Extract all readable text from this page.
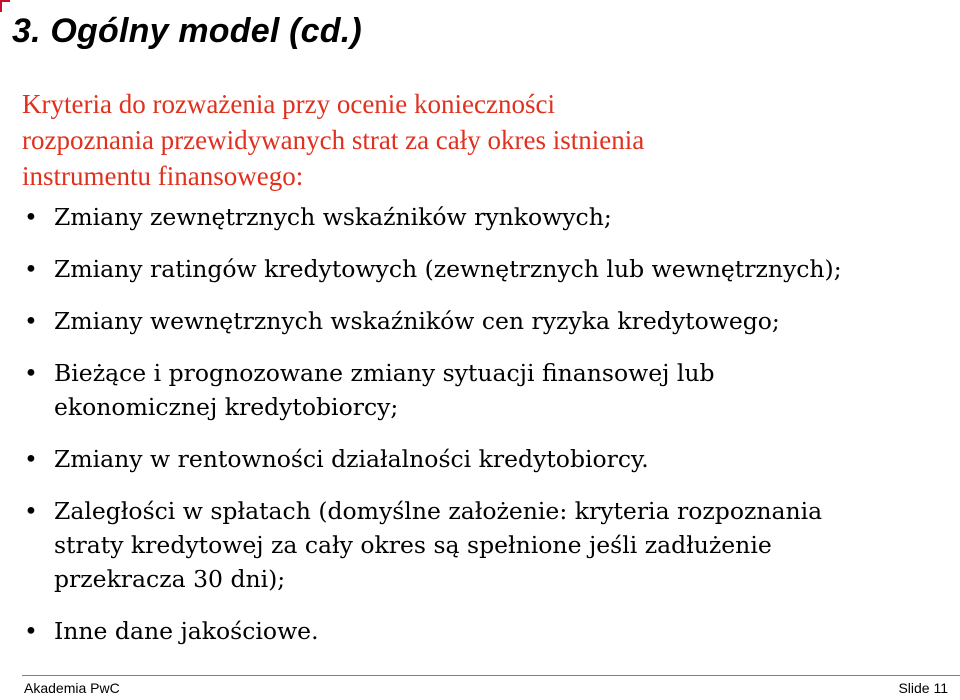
3. Ogólny model (cd.)
Kryteria do rozważenia przy ocenie konieczności
rozpoznania przewidywanych strat za cały okres istnienia
instrumentu finansowego:
• Zmiany zewnętrznych wskaźników rynkowych;
• Zmiany ratingów kredytowych (zewnętrznych lub wewnętrznych);
• Zmiany wewnętrznych wskaźników cen ryzyka kredytowego;
• Bieżące i prognozowane zmiany sytuacji finansowej lub
ekonomicznej kredytobiorcy;
• Zmiany w rentowności działalności kredytobiorcy.
• Zaległości w spłatach (domyślne założenie: kryteria rozpoznania
straty kredytowej za cały okres są spełnione jeśli zadłużenie
przekracza 30 dni);
• Inne dane jakościowe.
Akademia PwC	Slide 11
